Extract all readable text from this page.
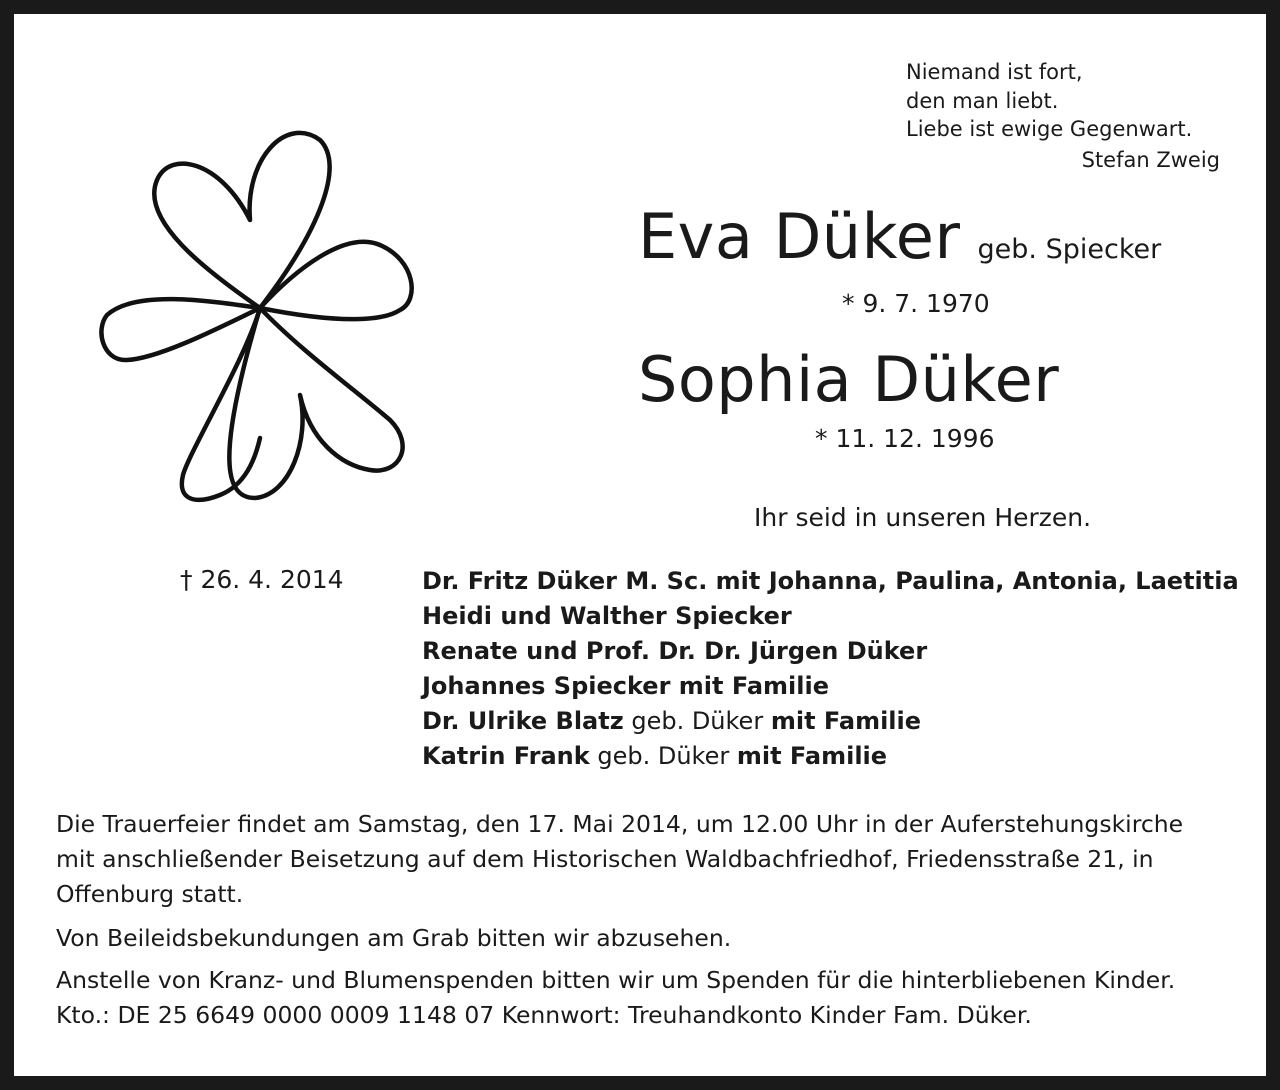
Niemand ist fort,
den man liebt.
Liebe ist ewige Gegenwart.
Stefan Zweig
Eva Düker geb. Spiecker
* 9. 7. 1970
Sophia Düker
* 11. 12. 1996
Ihr seid in unseren Herzen.
† 26. 4. 2014	Dr. Fritz Düker M. Sc. mit Johanna, Paulina, Antonia, Laetitia
Heidi und Walther Spiecker
Renate und Prof. Dr. Dr. Jürgen Düker
Johannes Spiecker mit Familie
Dr. Ulrike Blatz geb. Düker mit Familie
Katrin Frank geb. Düker mit Familie
Die Trauerfeier findet am Samstag, den 17. Mai 2014, um 12.00 Uhr in der Auferstehungskirche mit anschließender Beisetzung auf dem Historischen Waldbachfriedhof, Friedensstraße 21, in Offenburg statt.
Von Beileidsbekundungen am Grab bitten wir abzusehen.
Anstelle von Kranz- und Blumenspenden bitten wir um Spenden für die hinterbliebenen Kinder. Kto.: DE 25 6649 0000 0009 1148 07 Kennwort: Treuhandkonto Kinder Fam. Düker.
